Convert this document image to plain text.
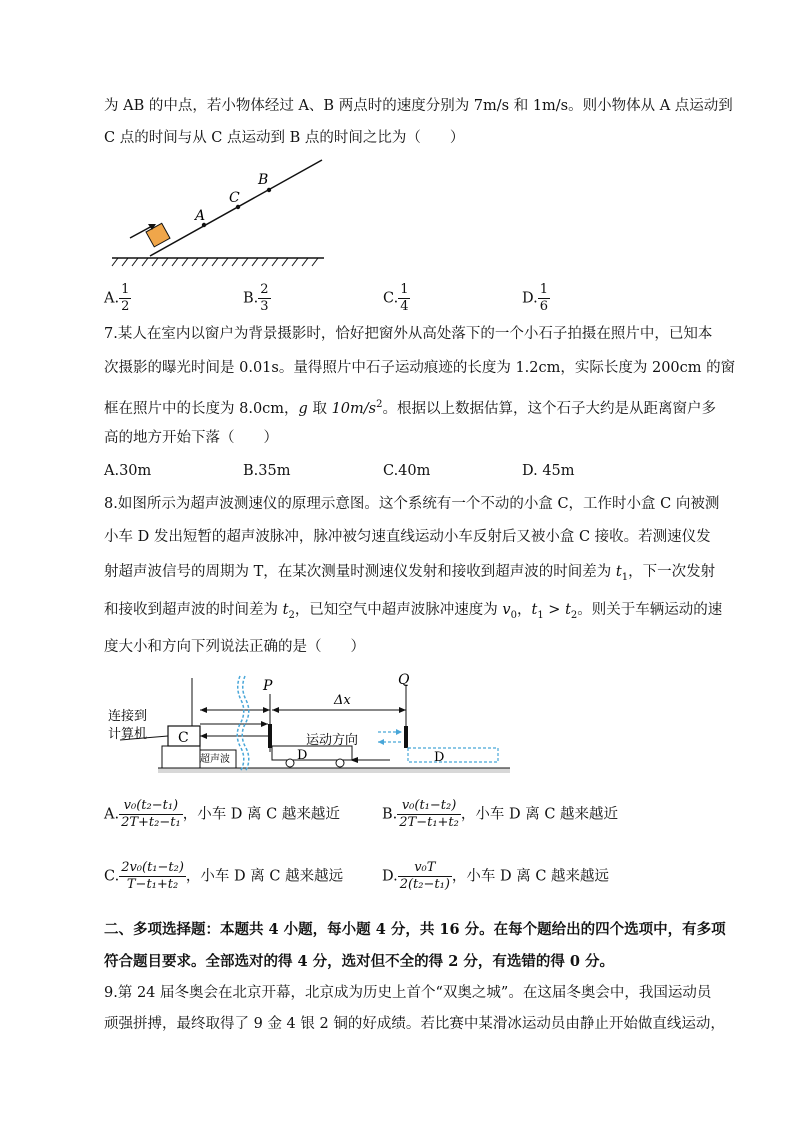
为 AB 的中点，若小物体经过 A、B 两点时的速度分别为 7m/s 和 1m/s。则小物体从 A 点运动到
C 点的时间与从 C 点运动到 B 点的时间之比为（　　）
A
C
B
A. $\frac{1}{2}$	B. $\frac{2}{3}$	C. $\frac{1}{4}$	D. $\frac{1}{6}$
7.某人在室内以窗户为背景摄影时，恰好把窗外从高处落下的一个小石子拍摄在照片中，已知本
次摄影的曝光时间是 0.01s。量得照片中石子运动痕迹的长度为 1.2cm，实际长度为 200cm 的窗
框在照片中的长度为 8.0cm，g 取 $10m/s^2$。根据以上数据估算，这个石子大约是从距离窗户多
高的地方开始下落（　　）
A.30m	B.35m	C.40m	D. 45m
8.如图所示为超声波测速仪的原理示意图。这个系统有一个不动的小盒 C，工作时小盒 C 向被测
小车 D 发出短暂的超声波脉冲，脉冲被匀速直线运动小车反射后又被小盒 C 接收。若测速仪发
射超声波信号的周期为 T，在某次测量时测速仪发射和接收到超声波的时间差为 $t_1$，下一次发射
和接收到超声波的时间差为 $t_2$，已知空气中超声波脉冲速度为 $v_0$，$t_1 > t_2$。则关于车辆运动的速
度大小和方向下列说法正确的是（　　）
C
连接到
计算机
超声波
P
D
Δx
运动方向
Q
D
A. $\frac{\text{v₀(t₂−t₁)}}{\text{2T+t₂−t₁}}$ ，小车 D 离 C 越来越近	B. $\frac{\text{v₀(t₁−t₂)}}{\text{2T−t₁+t₂}}$ ，小车 D 离 C 越来越近
C. $\frac{\text{2v₀(t₁−t₂)}}{\text{T−t₁+t₂}}$ ，小车 D 离 C 越来越远	D. $\frac{\text{v₀T}}{\text{2(t₂−t₁)}}$ ，小车 D 离 C 越来越远
二、多项选择题：本题共 4 小题，每小题 4 分，共 16 分。在每个题给出的四个选项中，有多项
符合题目要求。全部选对的得 4 分，选对但不全的得 2 分，有选错的得 0 分。
9.第 24 届冬奥会在北京开幕，北京成为历史上首个“双奥之城”。在这届冬奥会中，我国运动员
顽强拼搏，最终取得了 9 金 4 银 2 铜的好成绩。若比赛中某滑冰运动员由静止开始做直线运动，
